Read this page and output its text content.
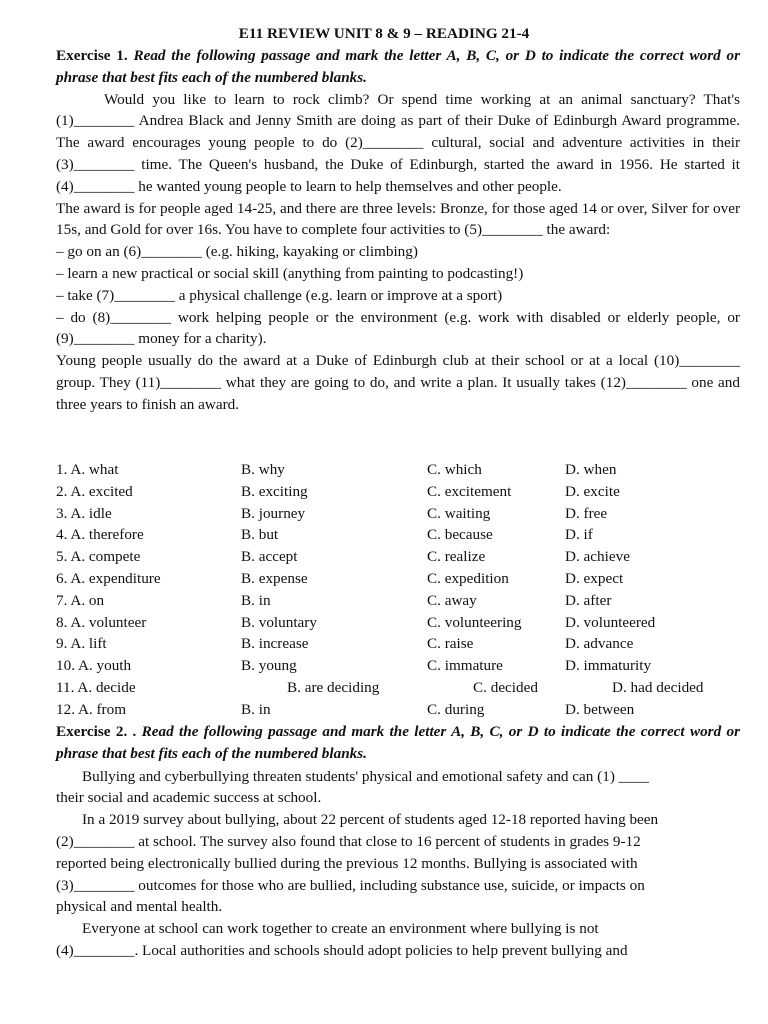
E11 REVIEW UNIT 8 & 9 – READING 21-4

Exercise 1. Read the following passage and mark the letter A, B, C, or D to indicate the correct word or phrase that best fits each of the numbered blanks.

Would you like to learn to rock climb? Or spend time working at an animal sanctuary? That's (1)________ Andrea Black and Jenny Smith are doing as part of their Duke of Edinburgh Award programme. The award encourages young people to do (2)________ cultural, social and adventure activities in their (3)________ time. The Queen's husband, the Duke of Edinburgh, started the award in 1956. He started it (4)________ he wanted young people to learn to help themselves and other people.

The award is for people aged 14-25, and there are three levels: Bronze, for those aged 14 or over, Silver for over 15s, and Gold for over 16s. You have to complete four activities to (5)________ the award:

– go on an (6)________ (e.g. hiking, kayaking or climbing)

– learn a new practical or social skill (anything from painting to podcasting!)

– take (7)________ a physical challenge (e.g. learn or improve at a sport)

– do (8)________ work helping people or the environment (e.g. work with disabled or elderly people, or (9)________ money for a charity).

Young people usually do the award at a Duke of Edinburgh club at their school or at a local (10)________ group. They (11)________ what they are going to do, and write a plan. It usually takes (12)________ one and three years to finish an award.

1. A. what	B. why	C. which	D. when
2. A. excited	B. exciting	C. excitement	D. excite
3. A. idle	B. journey	C. waiting	D. free
4. A. therefore	B. but	C. because	D. if
5. A. compete	B. accept	C. realize	D. achieve
6. A. expenditure	B. expense	C. expedition	D. expect
7. A. on	B. in	C. away	D. after
8. A. volunteer	B. voluntary	C. volunteering	D. volunteered
9. A. lift	B. increase	C. raise	D. advance
10. A. youth	B. young	C. immature	D. immaturity
11. A. decide	B. are deciding	C. decided	D. had decided
12. A. from	B. in	C. during	D. between

Exercise 2. . Read the following passage and mark the letter A, B, C, or D to indicate the correct word or phrase that best fits each of the numbered blanks.

Bullying and cyberbullying threaten students' physical and emotional safety and can (1) ____

their social and academic success at school.

In a 2019 survey about bullying, about 22 percent of students aged 12-18 reported having been

(2)________ at school. The survey also found that close to 16 percent of students in grades 9-12

reported being electronically bullied during the previous 12 months. Bullying is associated with

(3)________ outcomes for those who are bullied, including substance use, suicide, or impacts on

physical and mental health.

Everyone at school can work together to create an environment where bullying is not

(4)________. Local authorities and schools should adopt policies to help prevent bullying and
